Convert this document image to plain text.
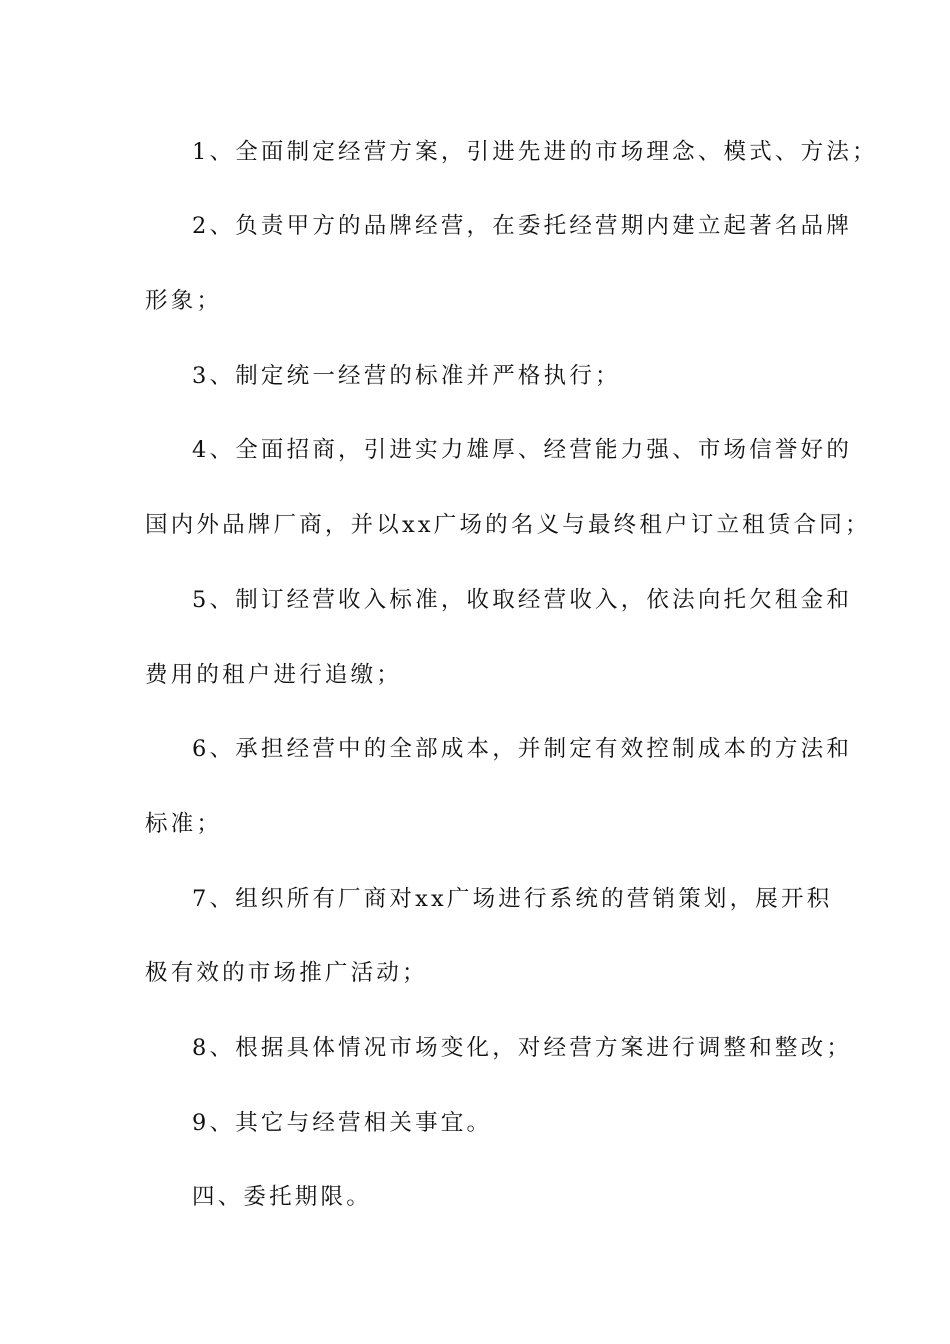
1、全面制定经营方案，引进先进的市场理念、模式、方法；
2、负责甲方的品牌经营，在委托经营期内建立起著名品牌
形象；
3、制定统一经营的标准并严格执行；
4、全面招商，引进实力雄厚、经营能力强、市场信誉好的
国内外品牌厂商，并以xx广场的名义与最终租户订立租赁合同；
5、制订经营收入标准，收取经营收入，依法向托欠租金和
费用的租户进行追缴；
6、承担经营中的全部成本，并制定有效控制成本的方法和
标准；
7、组织所有厂商对xx广场进行系统的营销策划，展开积
极有效的市场推广活动；
8、根据具体情况市场变化，对经营方案进行调整和整改；
9、其它与经营相关事宜。
四、委托期限。
